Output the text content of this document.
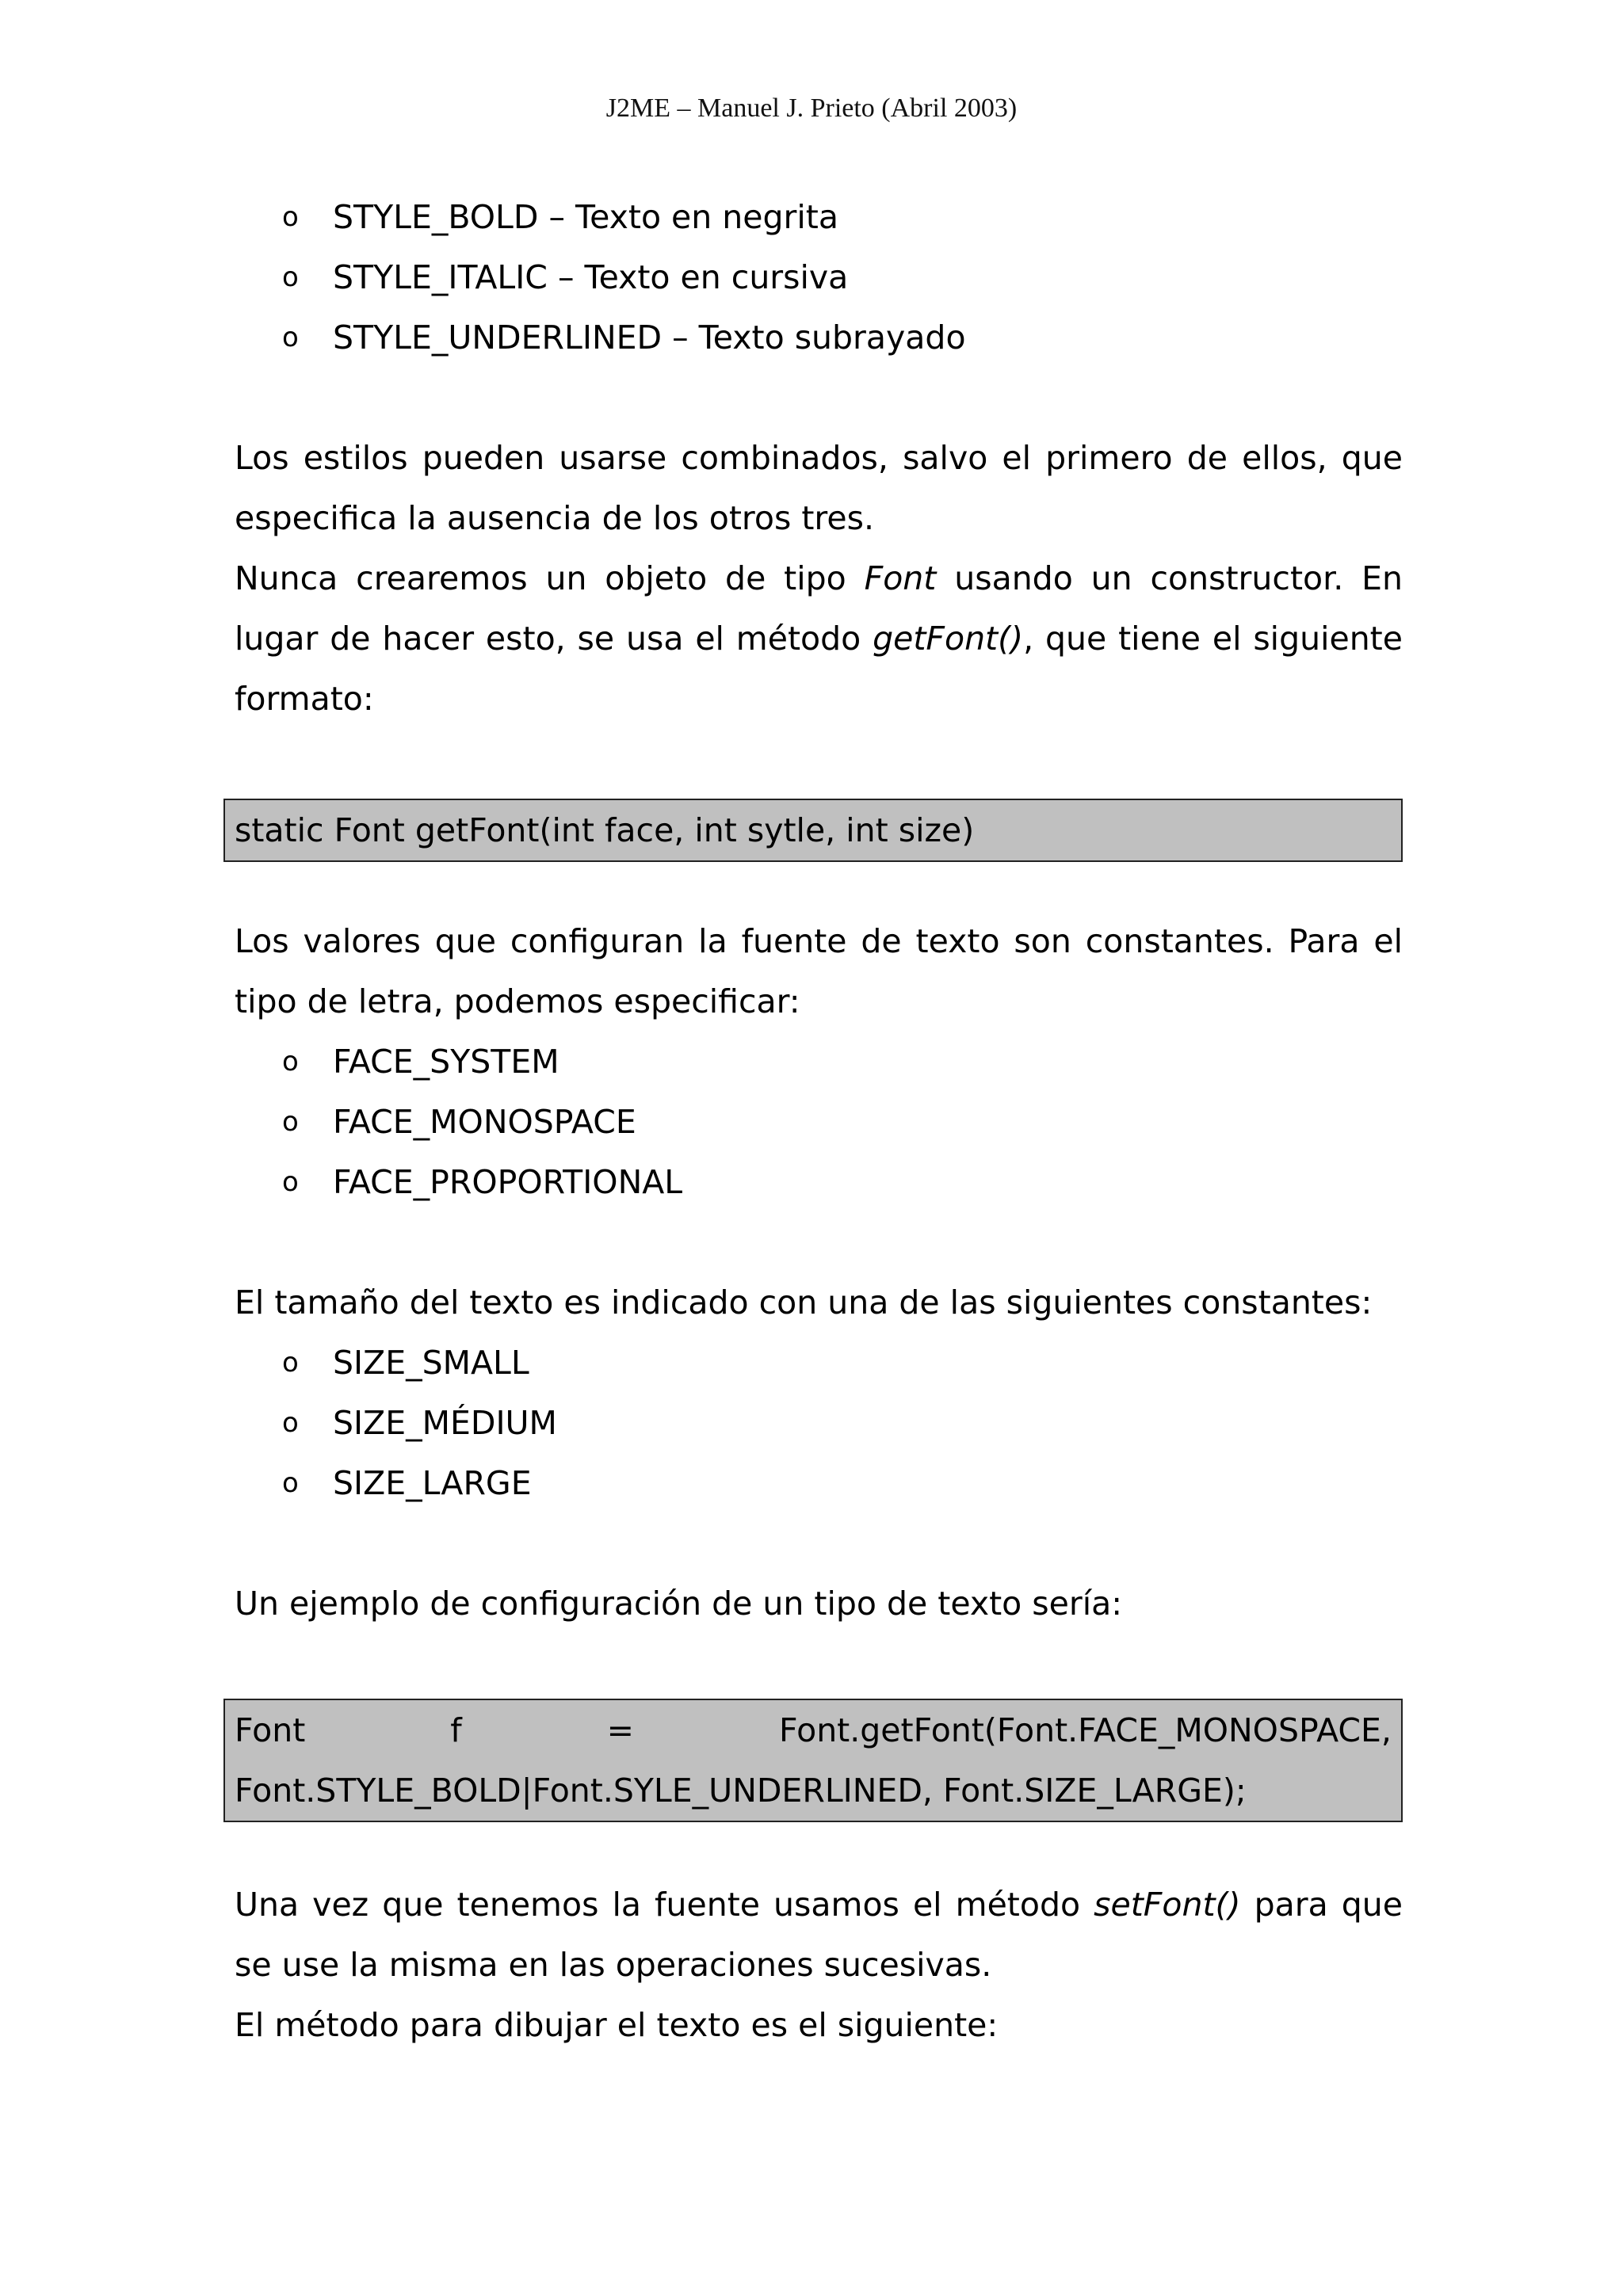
J2ME – Manuel J. Prieto (Abril 2003)
o STYLE_BOLD – Texto en negrita
o STYLE_ITALIC – Texto en cursiva
o STYLE_UNDERLINED – Texto subrayado

Los estilos pueden usarse combinados, salvo el primero de ellos, que especifica la ausencia de los otros tres.

Nunca crearemos un objeto de tipo Font usando un constructor. En lugar de hacer esto, se usa el método getFont(), que tiene el siguiente formato:

static Font getFont(int face, int sytle, int size)

Los valores que configuran la fuente de texto son constantes. Para el tipo de letra, podemos especificar:

o FACE_SYSTEM
o FACE_MONOSPACE
o FACE_PROPORTIONAL

El tamaño del texto es indicado con una de las siguientes constantes:

o SIZE_SMALL
o SIZE_MÉDIUM
o SIZE_LARGE

Un ejemplo de configuración de un tipo de texto sería:

Font	f	=	Font.getFont(Font.FACE_MONOSPACE,
Font.STYLE_BOLD|Font.SYLE_UNDERLINED, Font.SIZE_LARGE);

Una vez que tenemos la fuente usamos el método setFont() para que se use la misma en las operaciones sucesivas.

El método para dibujar el texto es el siguiente:
